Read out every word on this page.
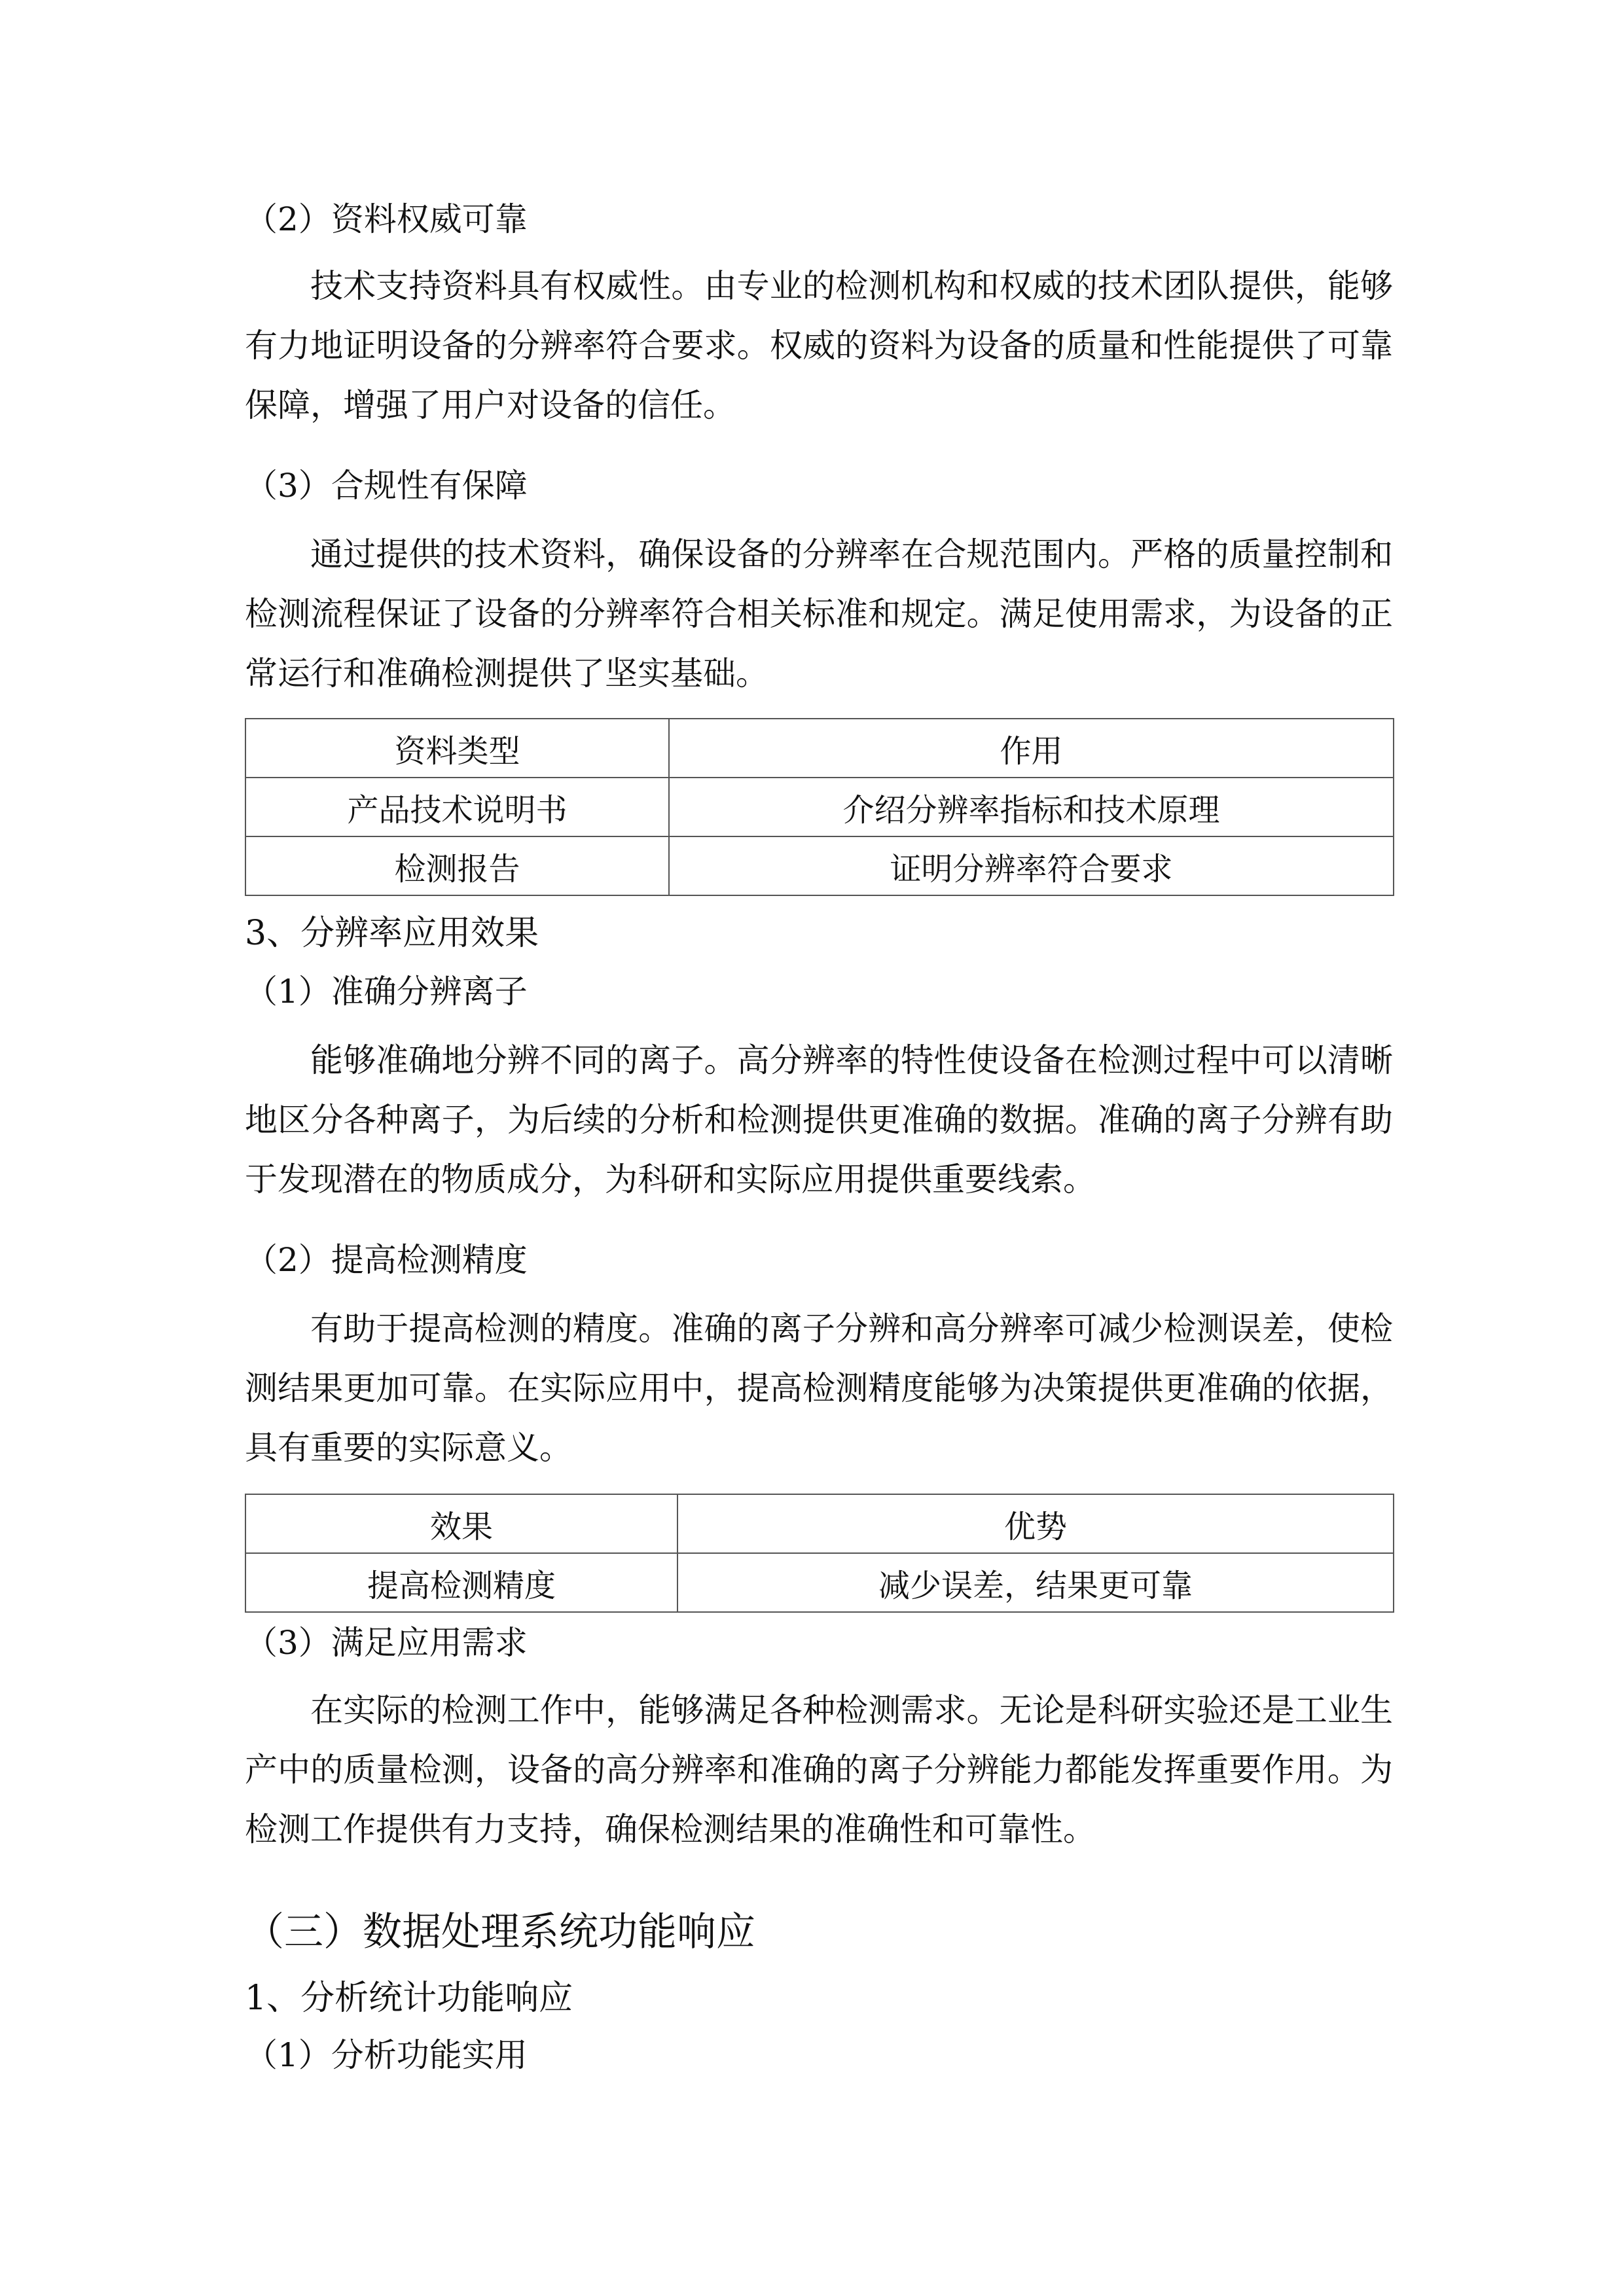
（2）资料权威可靠
技术支持资料具有权威性。由专业的检测机构和权威的技术团队提供，能够有力地证明设备的分辨率符合要求。权威的资料为设备的质量和性能提供了可靠保障，增强了用户对设备的信任。
（3）合规性有保障
通过提供的技术资料，确保设备的分辨率在合规范围内。严格的质量控制和检测流程保证了设备的分辨率符合相关标准和规定。满足使用需求，为设备的正常运行和准确检测提供了坚实基础。
资料类型	作用
产品技术说明书	介绍分辨率指标和技术原理
检测报告	证明分辨率符合要求
3、分辨率应用效果
（1）准确分辨离子
能够准确地分辨不同的离子。高分辨率的特性使设备在检测过程中可以清晰地区分各种离子，为后续的分析和检测提供更准确的数据。准确的离子分辨有助于发现潜在的物质成分，为科研和实际应用提供重要线索。
（2）提高检测精度
有助于提高检测的精度。准确的离子分辨和高分辨率可减少检测误差，使检测结果更加可靠。在实际应用中，提高检测精度能够为决策提供更准确的依据，具有重要的实际意义。
效果	优势
提高检测精度	减少误差，结果更可靠
（3）满足应用需求
在实际的检测工作中，能够满足各种检测需求。无论是科研实验还是工业生产中的质量检测，设备的高分辨率和准确的离子分辨能力都能发挥重要作用。为检测工作提供有力支持，确保检测结果的准确性和可靠性。
（三）数据处理系统功能响应
1、分析统计功能响应
（1）分析功能实用
